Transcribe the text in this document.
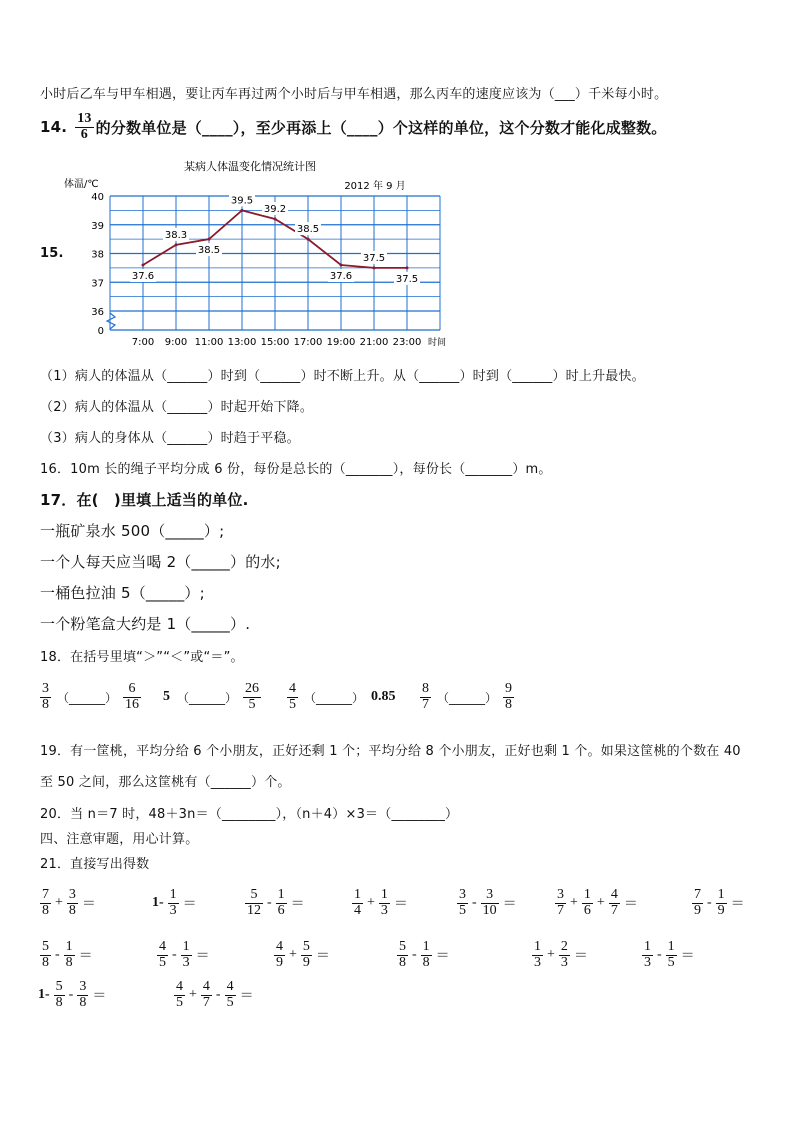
小时后乙车与甲车相遇，要让丙车再过两个小时后与甲车相遇，那么丙车的速度应该为（___）千米每小时。
14. $\frac{13}{6}$ 的分数单位是（____），至少再添上（____）个这样的单位，这个分数才能化成整数。
15.
某病人体温变化情况统计图
2012 年 9 月
体温/℃
时间
40
39
38
37
36
0
7:00 9:00 11:00 13:00 15:00 17:00 19:00 21:00 23:00
37.6
38.3
38.5
39.5
39.2
38.5
37.6
37.5
37.5
（1）病人的体温从（______）时到（______）时不断上升。从（______）时到（______）时上升最快。
（2）病人的体温从（______）时起开始下降。
（3）病人的身体从（______）时趋于平稳。
16．10m 长的绳子平均分成 6 份，每份是总长的（_______），每份长（_______）m。
17．在(　)里填上适当的单位.
一瓶矿泉水 500（_____）;
一个人每天应当喝 2（_____）的水;
一桶色拉油 5（_____）;
一个粉笔盒大约是 1（_____）.
18．在括号里填“＞”“＜”或“＝”。
$\frac{3}{8}$ （______） $\frac{6}{16} 5$ （______） $\frac{26}{5} \frac{4}{5}$ （______） $0.85 \frac{8}{7}$ （______） $\frac{9}{8}$
19．有一筐桃，平均分给 6 个小朋友，正好还剩 1 个；平均分给 8 个小朋友，正好也剩 1 个。如果这筐桃的个数在 40
至 50 之间，那么这筐桃有（______）个。
20．当 n＝7 时，48＋3n＝（________），（n＋4）×3＝（________）
四、注意审题，用心计算。
21．直接写出得数
$\frac{7}{8} + \frac{3}{8}$ ＝	$1- \frac{1}{3}$ ＝	$\frac{5}{12} - \frac{1}{6}$ ＝	$\frac{1}{4} + \frac{1}{3}$ ＝	$\frac{3}{5} - \frac{3}{10}$ ＝	$\frac{3}{7} + \frac{1}{6} + \frac{4}{7}$ ＝	$\frac{7}{9} - \frac{1}{9}$ ＝
$\frac{5}{8} - \frac{1}{8}$ ＝	$\frac{4}{5} - \frac{1}{3}$ ＝	$\frac{4}{9} + \frac{5}{9}$ ＝	$\frac{5}{8} - \frac{1}{8}$ ＝	$\frac{1}{3} + \frac{2}{3}$ ＝	$\frac{1}{3} - \frac{1}{5}$ ＝
$1- \frac{5}{8} - \frac{3}{8}$ ＝	$\frac{4}{5} + \frac{4}{7} - \frac{4}{5}$ ＝
